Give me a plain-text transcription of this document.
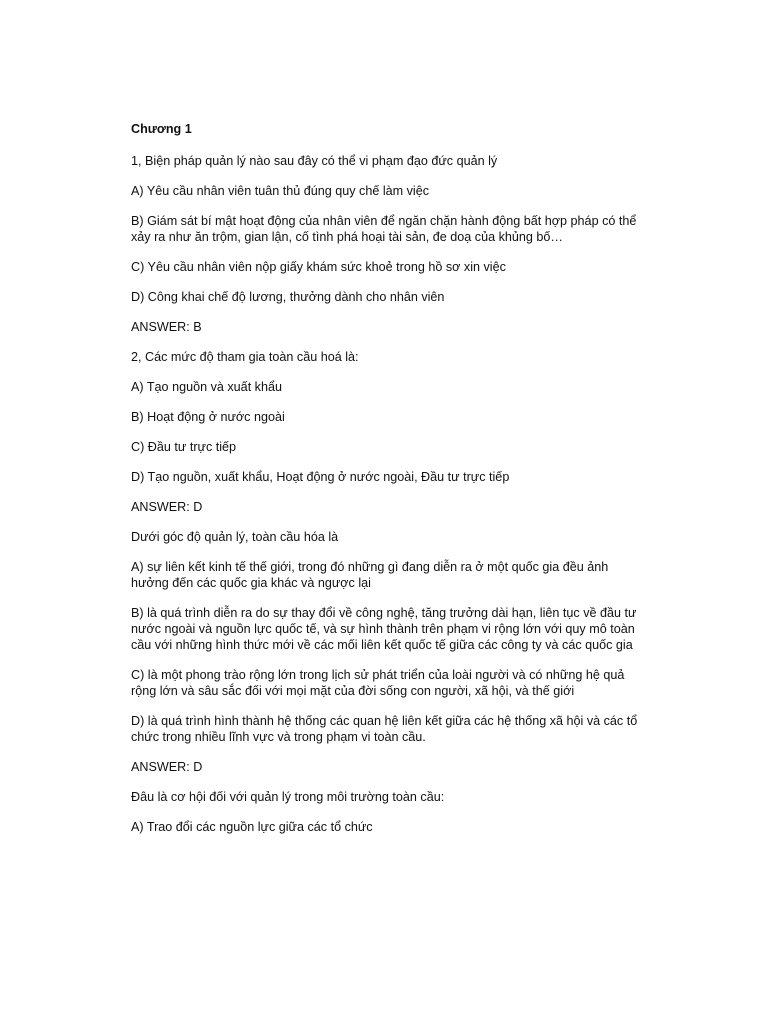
Chương 1
1, Biện pháp quản lý nào sau đây có thể vi phạm đạo đức quản lý
A) Yêu cầu nhân viên tuân thủ đúng quy chế làm việc
B) Giám sát bí mật hoạt động của nhân viên để ngăn chặn hành động bất hợp pháp có thể xảy ra như ăn trộm, gian lận, cố tình phá hoại tài sản, đe doạ của khủng bố…
C) Yêu cầu nhân viên nộp giấy khám sức khoẻ trong hồ sơ xin việc
D) Công khai chế độ lương, thưởng dành cho nhân viên
ANSWER: B
2, Các mức độ tham gia toàn cầu hoá là:
A) Tạo nguồn và xuất khẩu
B) Hoạt động ở nước ngoài
C) Đầu tư trực tiếp
D) Tạo nguồn, xuất khẩu, Hoạt động ở nước ngoài, Đầu tư trực tiếp
ANSWER: D
Dưới góc độ quản lý, toàn cầu hóa là
A) sự liên kết kinh tế thế giới, trong đó những gì đang diễn ra ở một quốc gia đều ảnh hưởng đến các quốc gia khác và ngược lại
B) là quá trình diễn ra do sự thay đổi về công nghệ, tăng trưởng dài hạn, liên tục về đầu tư nước ngoài và nguồn lực quốc tế, và sự hình thành trên phạm vi rộng lớn với quy mô toàn cầu với những hình thức mới về các mối liên kết quốc tế giữa các công ty và các quốc gia
C) là một phong trào rộng lớn trong lịch sử phát triển của loài người và có những hệ quả rộng lớn và sâu sắc đối với mọi mặt của đời sống con người, xã hội, và thế giới
D) là quá trình hình thành hệ thống các quan hệ liên kết giữa các hệ thống xã hội và các tổ chức trong nhiều lĩnh vực và trong phạm vi toàn cầu.
ANSWER: D
Đâu là cơ hội đối với quản lý trong môi trường toàn cầu:
A) Trao đổi các nguồn lực giữa các tổ chức
